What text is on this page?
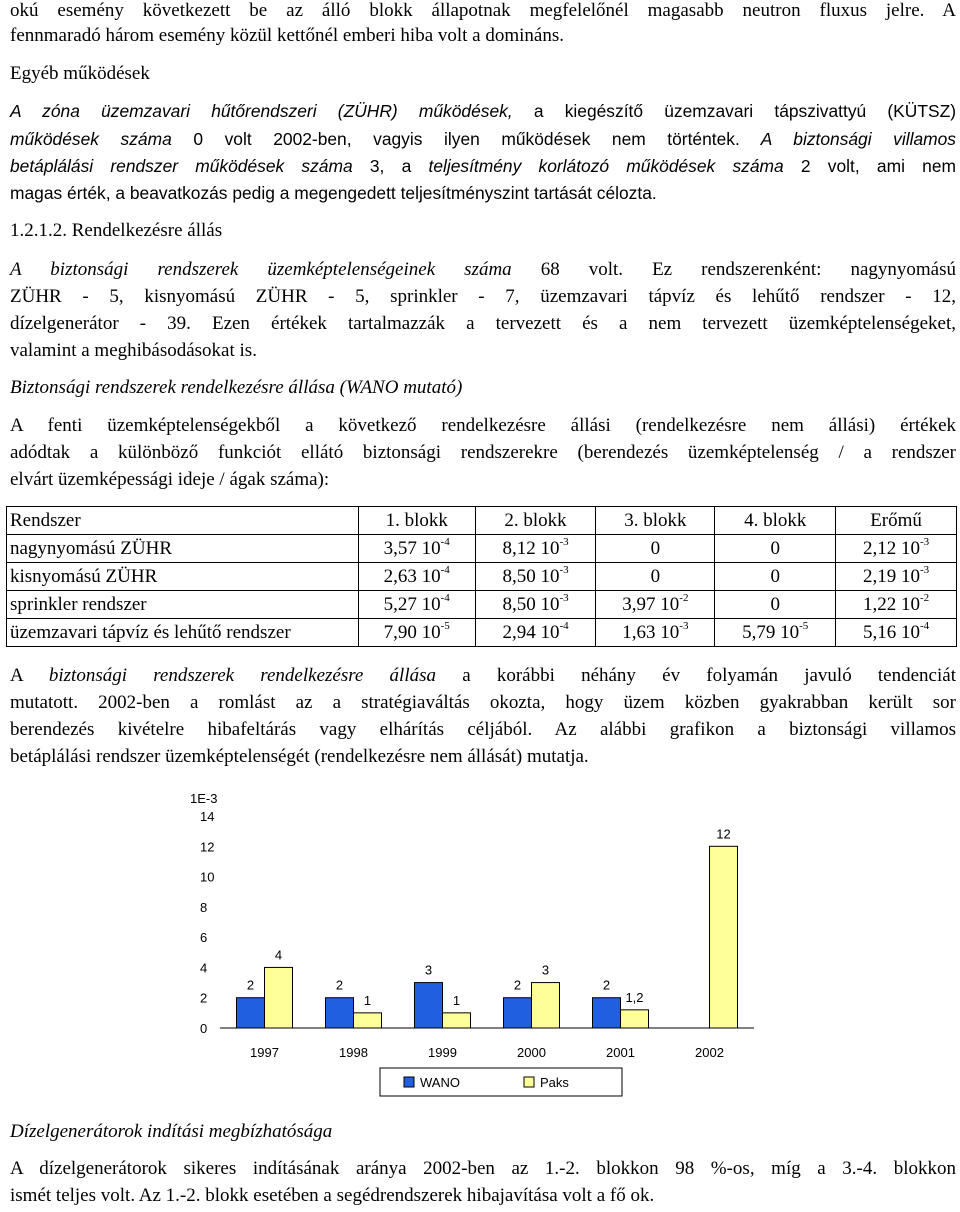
okú esemény következett be az álló blokk állapotnak megfelelőnél magasabb neutron fluxus jelre. A
fennmaradó három esemény közül kettőnél emberi hiba volt a domináns.
Egyéb működések
A zóna üzemzavari hűtőrendszeri (ZÜHR) működések, a kiegészítő üzemzavari tápszivattyú (KÜTSZ)
működések száma 0 volt 2002-ben, vagyis ilyen működések nem történtek. A biztonsági villamos
betáplálási rendszer működések száma 3, a teljesítmény korlátozó működések száma 2 volt, ami nem
magas érték, a beavatkozás pedig a megengedett teljesítményszint tartását célozta.
1.2.1.2. Rendelkezésre állás
A biztonsági rendszerek üzemképtelenségeinek száma 68 volt. Ez rendszerenként: nagynyomású
ZÜHR - 5, kisnyomású ZÜHR - 5, sprinkler - 7, üzemzavari tápvíz és lehűtő rendszer - 12,
dízelgenerátor - 39. Ezen értékek tartalmazzák a tervezett és a nem tervezett üzemképtelenségeket,
valamint a meghibásodásokat is.
Biztonsági rendszerek rendelkezésre állása (WANO mutató)
A fenti üzemképtelenségekből a következő rendelkezésre állási (rendelkezésre nem állási) értékek
adódtak a különböző funkciót ellátó biztonsági rendszerekre (berendezés üzemképtelenség / a rendszer
elvárt üzemképessági ideje / ágak száma):
Rendszer	1. blokk	2. blokk	3. blokk	4. blokk	Erőmű
nagynyomású ZÜHR	3,57 $10^{-4}$	8,12 $10^{-3}$	0	0	2,12 $10^{-3}$
kisnyomású ZÜHR	2,63 $10^{-4}$	8,50 $10^{-3}$	0	0	2,19 $10^{-3}$
sprinkler rendszer	5,27 $10^{-4}$	8,50 $10^{-3}$	3,97 $10^{-2}$	0	1,22 $10^{-2}$
üzemzavari tápvíz és lehűtő rendszer	7,90 $10^{-5}$	2,94 $10^{-4}$	1,63 $10^{-3}$	5,79 $10^{-5}$	5,16 $10^{-4}$
A biztonsági rendszerek rendelkezésre állása a korábbi néhány év folyamán javuló tendenciát
mutatott. 2002-ben a romlást az a stratégiaváltás okozta, hogy üzem közben gyakrabban került sor
berendezés kivételre hibafeltárás vagy elhárítás céljából. Az alábbi grafikon a biztonsági villamos
betáplálási rendszer üzemképtelenségét (rendelkezésre nem állását) mutatja.
1E-3
0
2
4
6
8
10
12
14
1997
2
4
1998
2
1
1999
3
1
2000
2
3
2001
2
1,2
2002
12
WANO	Paks
Dízelgenerátorok indítási megbízhatósága
A dízelgenerátorok sikeres indításának aránya 2002-ben az 1.-2. blokkon 98 %-os, míg a 3.-4. blokkon
ismét teljes volt. Az 1.-2. blokk esetében a segédrendszerek hibajavítása volt a fő ok.
